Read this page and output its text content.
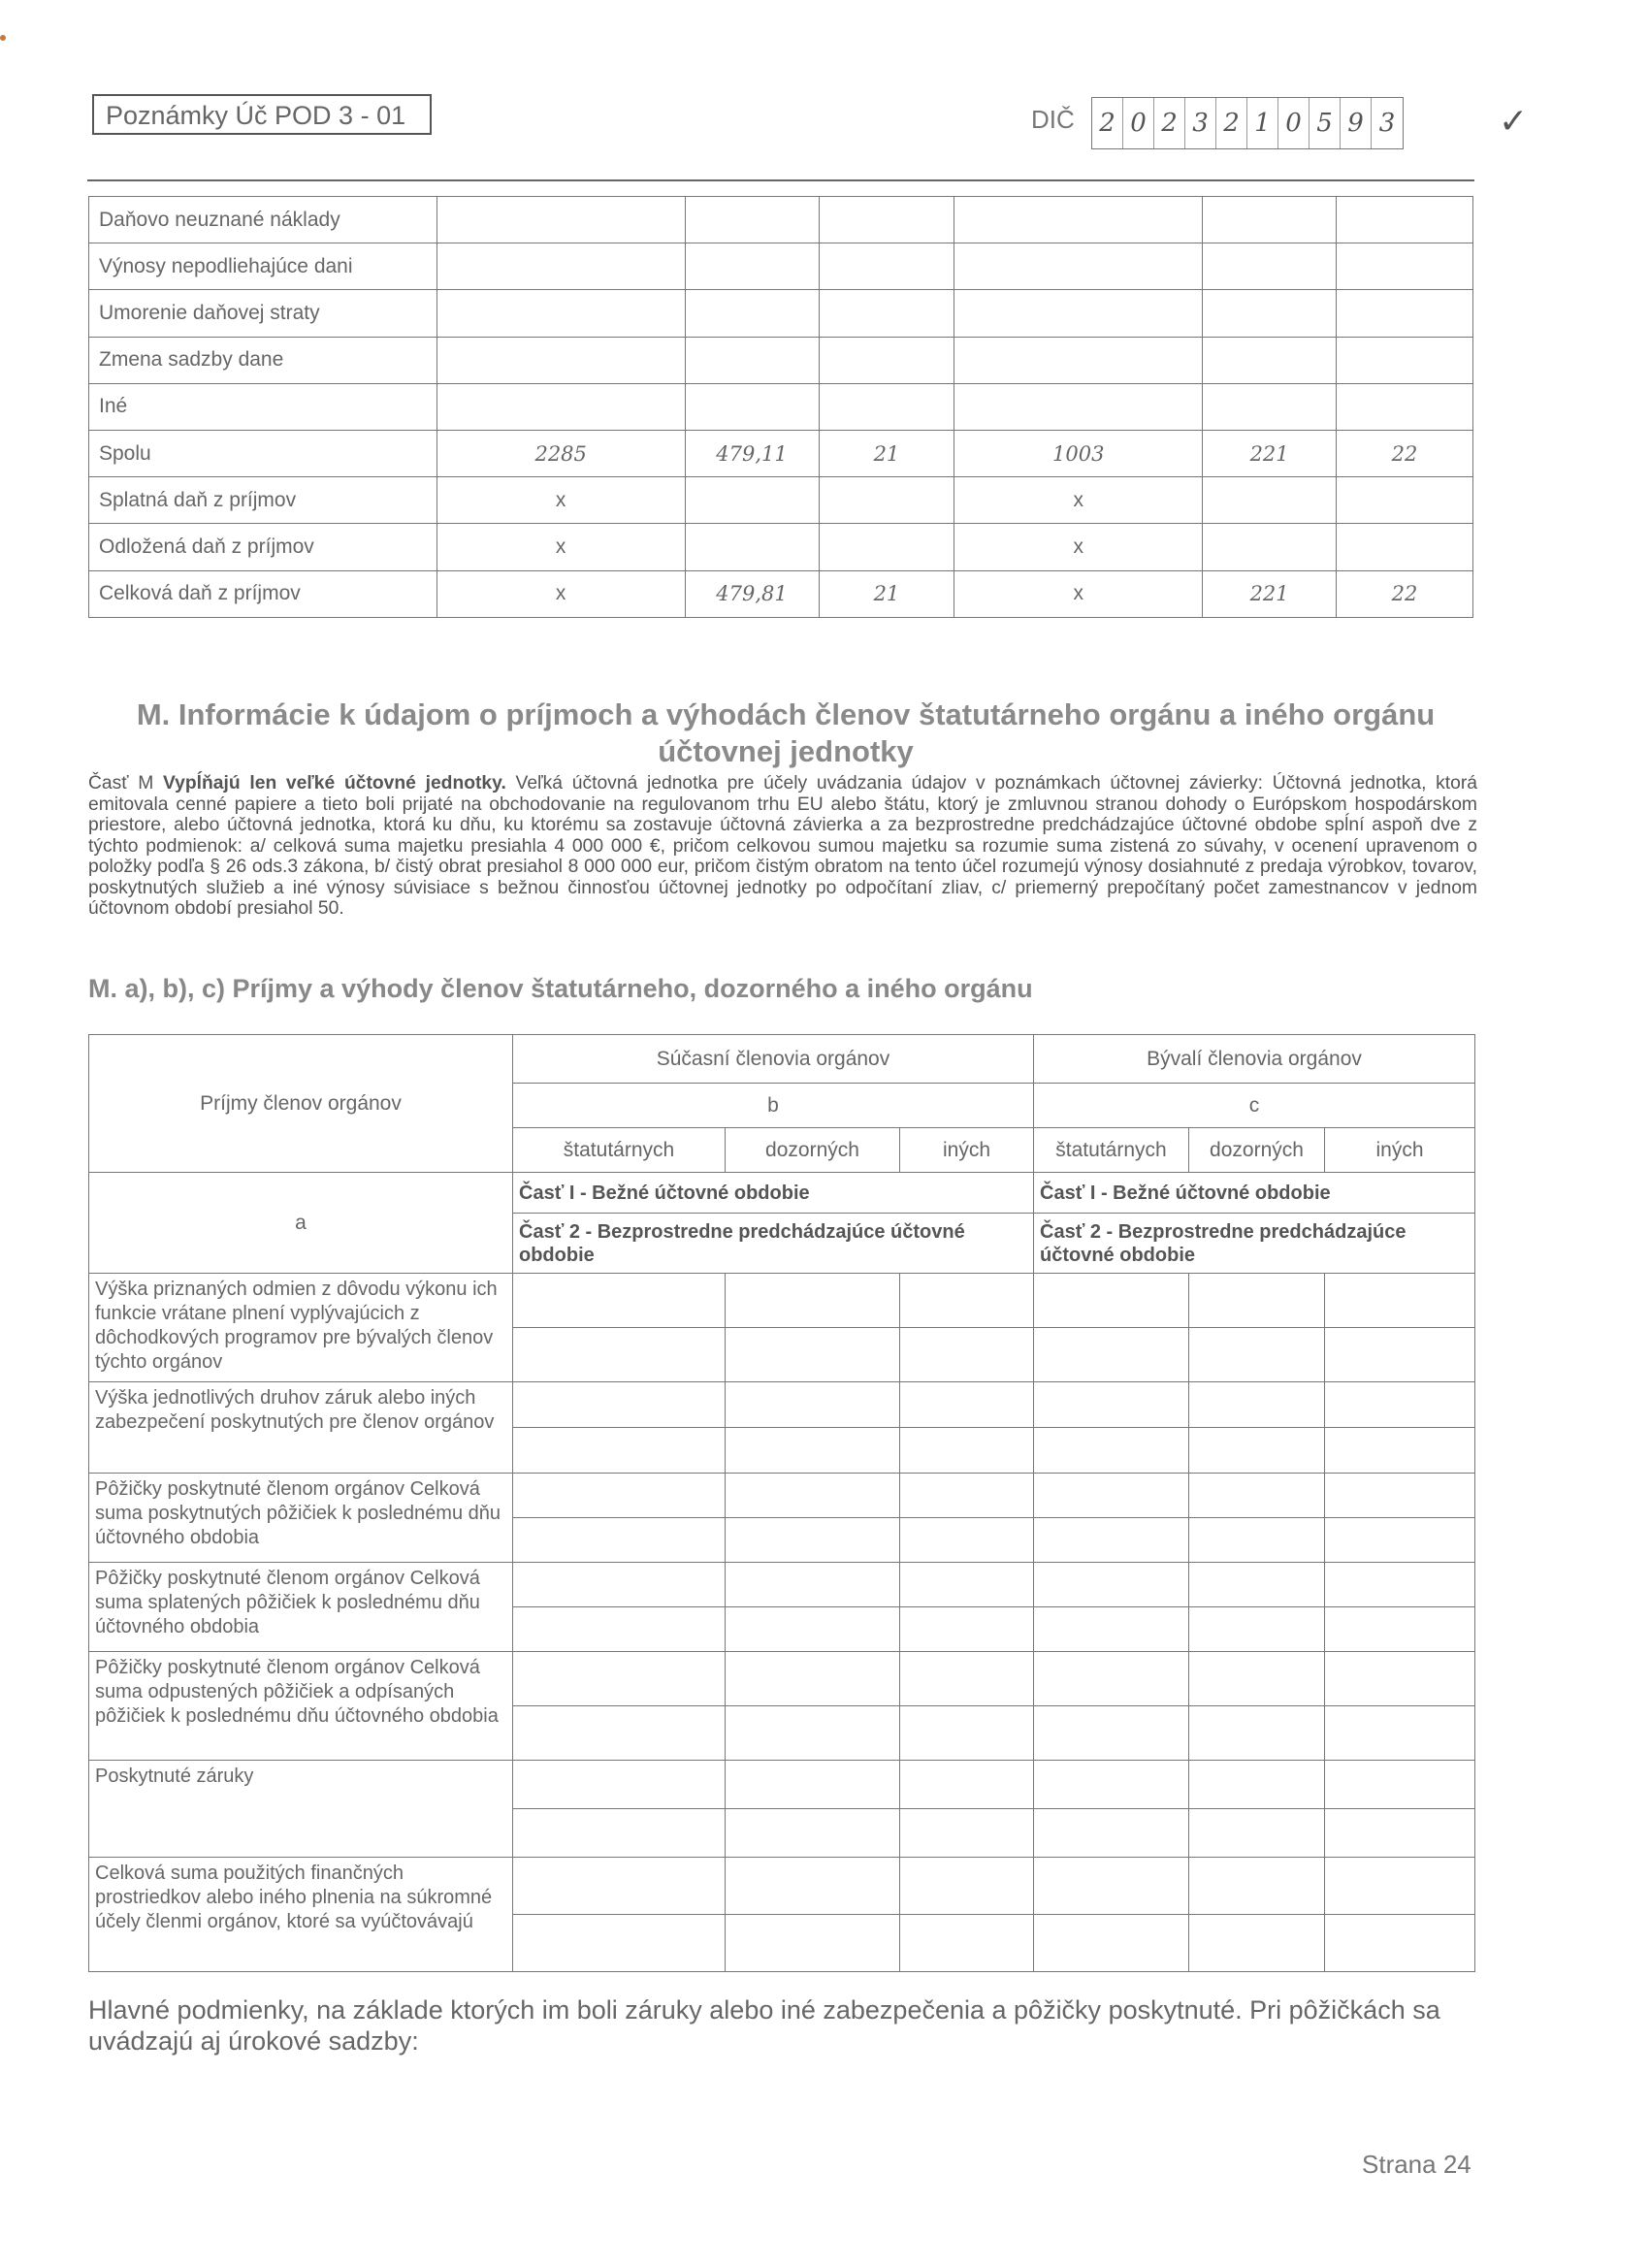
Poznámky Úč POD 3 - 01	DIČ 2 0 2 3 2 1 0 5 9 3	✓
Daňovo neuznané náklady						
Výnosy nepodliehajúce dani						
Umorenie daňovej straty						
Zmena sadzby dane						
Iné						
Spolu	2285	479,11	21	1003	221	22
Splatná daň z príjmov	x			x		
Odložená daň z príjmov	x			x		
Celková daň z príjmov	x	479,81	21	x	221	22
M. Informácie k údajom o príjmoch a výhodách členov štatutárneho orgánu a iného orgánu účtovnej jednotky
Časť M Vypĺňajú len veľké účtovné jednotky. Veľká účtovná jednotka pre účely uvádzania údajov v poznámkach účtovnej závierky: Účtovná jednotka, ktorá emitovala cenné papiere a tieto boli prijaté na obchodovanie na regulovanom trhu EU alebo štátu, ktorý je zmluvnou stranou dohody o Európskom hospodárskom priestore, alebo účtovná jednotka, ktorá ku dňu, ku ktorému sa zostavuje účtovná závierka a za bezprostredne predchádzajúce účtovné obdobe spĺní aspoň dve z týchto podmienok: a/ celková suma majetku presiahla 4 000 000 €, pričom celkovou sumou majetku sa rozumie suma zistená zo súvahy, v ocenení upravenom o položky podľa § 26 ods.3 zákona, b/ čistý obrat presiahol 8 000 000 eur, pričom čistým obratom na tento účel rozumejú výnosy dosiahnuté z predaja výrobkov, tovarov, poskytnutých služieb a iné výnosy súvisiace s bežnou činnosťou účtovnej jednotky po odpočítaní zliav, c/ priemerný prepočítaný počet zamestnancov v jednom účtovnom období presiahol 50.
M. a), b), c) Príjmy a výhody členov štatutárneho, dozorného a iného orgánu
Príjmy členov orgánov	Súčasní členovia orgánov			Bývalí členovia orgánov		
	b			c		
	štatutárnych	dozorných	iných	štatutárnych	dozorných	iných
a	Časť I - Bežné účtovné obdobie			Časť I - Bežné účtovné obdobie		
	Časť 2 - Bezprostredne predchádzajúce účtovné obdobie			Časť 2 - Bezprostredne predchádzajúce účtovné obdobie		
Výška priznaných odmien z dôvodu výkonu ich funkcie vrátane plnení vyplývajúcich z dôchodkových programov pre bývalých členov týchto orgánov						

Výška jednotlivých druhov záruk alebo iných zabezpečení poskytnutých pre členov orgánov						

Pôžičky poskytnuté členom orgánov Celková suma poskytnutých pôžičiek k poslednému dňu účtovného obdobia						

Pôžičky poskytnuté členom orgánov Celková suma splatených pôžičiek k poslednému dňu účtovného obdobia						

Pôžičky poskytnuté členom orgánov Celková suma odpustených pôžičiek a odpísaných pôžičiek k poslednému dňu účtovného obdobia						

Poskytnuté záruky						

Celková suma použitých finančných prostriedkov alebo iného plnenia na súkromné účely členmi orgánov, ktoré sa vyúčtovávajú						

Hlavné podmienky, na základe ktorých im boli záruky alebo iné zabezpečenia a pôžičky poskytnuté. Pri pôžičkách sa uvádzajú aj úrokové sadzby:
Strana 24
